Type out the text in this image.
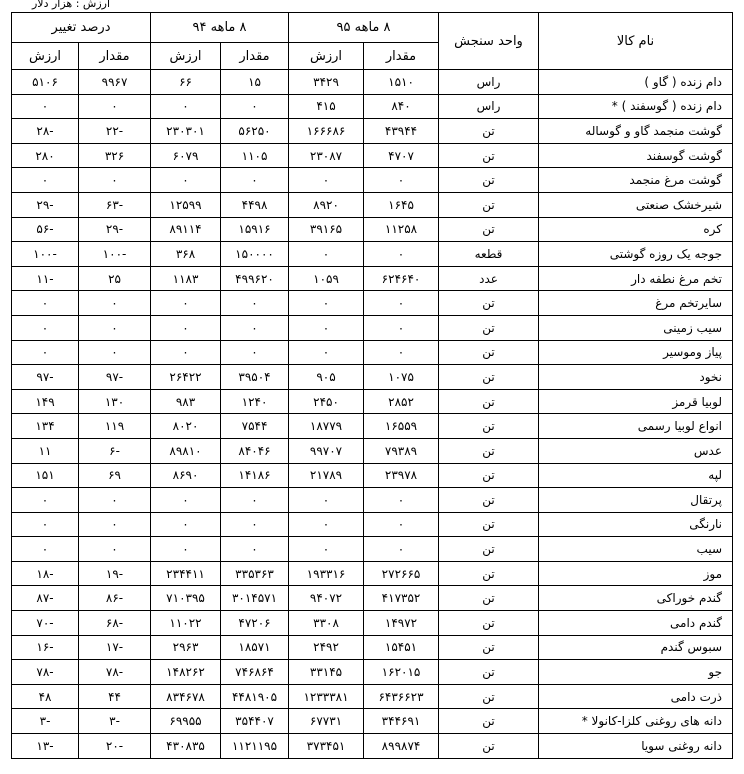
ارزش : هزار دلار
نام کالا	واحد سنجش	۸ ماهه ۹۵		۸ ماهه ۹۴		درصد تغییر	
		مقدار	ارزش	مقدار	ارزش	مقدار	ارزش
دام زنده ( گاو )	راس	۱۵۱۰	۳۴۲۹	۱۵	۶۶	۹۹۶۷	۵۱۰۶
دام زنده ( گوسفند ) *	راس	۸۴۰	۴۱۵	۰	۰	۰	۰
گوشت منجمد گاو و گوساله	تن	۴۳۹۴۴	۱۶۶۶۸۶	۵۶۲۵۰	۲۳۰۳۰۱	-۲۲	-۲۸
گوشت گوسفند	تن	۴۷۰۷	۲۳۰۸۷	۱۱۰۵	۶۰۷۹	۳۲۶	۲۸۰
گوشت مرغ منجمد	تن	۰	۰	۰	۰	۰	۰
شیرخشک صنعتی	تن	۱۶۴۵	۸۹۲۰	۴۴۹۸	۱۲۵۹۹	-۶۳	-۲۹
کره	تن	۱۱۲۵۸	۳۹۱۶۵	۱۵۹۱۶	۸۹۱۱۴	-۲۹	-۵۶
جوجه یک روزه گوشتی	قطعه	۰	۰	۱۵۰۰۰۰	۳۶۸	-۱۰۰	-۱۰۰
تخم مرغ نطفه دار	عدد	۶۲۴۶۴۰	۱۰۵۹	۴۹۹۶۲۰	۱۱۸۳	۲۵	-۱۱
سایرتخم مرغ	تن	۰	۰	۰	۰	۰	۰
سیب زمینی	تن	۰	۰	۰	۰	۰	۰
پیاز وموسیر	تن	۰	۰	۰	۰	۰	۰
نخود	تن	۱۰۷۵	۹۰۵	۳۹۵۰۴	۲۶۴۲۲	-۹۷	-۹۷
لوبیا قرمز	تن	۲۸۵۲	۲۴۵۰	۱۲۴۰	۹۸۳	۱۳۰	۱۴۹
انواع لوبیا رسمی	تن	۱۶۵۵۹	۱۸۷۷۹	۷۵۴۴	۸۰۲۰	۱۱۹	۱۳۴
عدس	تن	۷۹۳۸۹	۹۹۷۰۷	۸۴۰۴۶	۸۹۸۱۰	-۶	۱۱
لپه	تن	۲۳۹۷۸	۲۱۷۸۹	۱۴۱۸۶	۸۶۹۰	۶۹	۱۵۱
پرتقال	تن	۰	۰	۰	۰	۰	۰
نارنگی	تن	۰	۰	۰	۰	۰	۰
سیب	تن	۰	۰	۰	۰	۰	۰
موز	تن	۲۷۲۶۶۵	۱۹۳۳۱۶	۳۳۵۳۶۳	۲۳۴۴۱۱	-۱۹	-۱۸
گندم خوراکی	تن	۴۱۷۳۵۲	۹۴۰۷۲	۳۰۱۴۵۷۱	۷۱۰۳۹۵	-۸۶	-۸۷
گندم دامی	تن	۱۴۹۷۲	۳۳۰۸	۴۷۲۰۶	۱۱۰۲۲	-۶۸	-۷۰
سبوس گندم	تن	۱۵۴۵۱	۲۴۹۲	۱۸۵۷۱	۲۹۶۳	-۱۷	-۱۶
جو	تن	۱۶۲۰۱۵	۳۳۱۴۵	۷۴۶۸۶۴	۱۴۸۲۶۲	-۷۸	-۷۸
ذرت دامی	تن	۶۴۳۶۶۲۳	۱۲۳۳۳۸۱	۴۴۸۱۹۰۵	۸۳۴۶۷۸	۴۴	۴۸
دانه های روغنی کلزا-کانولا *	تن	۳۴۴۶۹۱	۶۷۷۳۱	۳۵۴۴۰۷	۶۹۹۵۵	-۳	-۳
دانه روغنی سویا	تن	۸۹۹۸۷۴	۳۷۳۴۵۱	۱۱۲۱۱۹۵	۴۳۰۸۳۵	-۲۰	-۱۳
